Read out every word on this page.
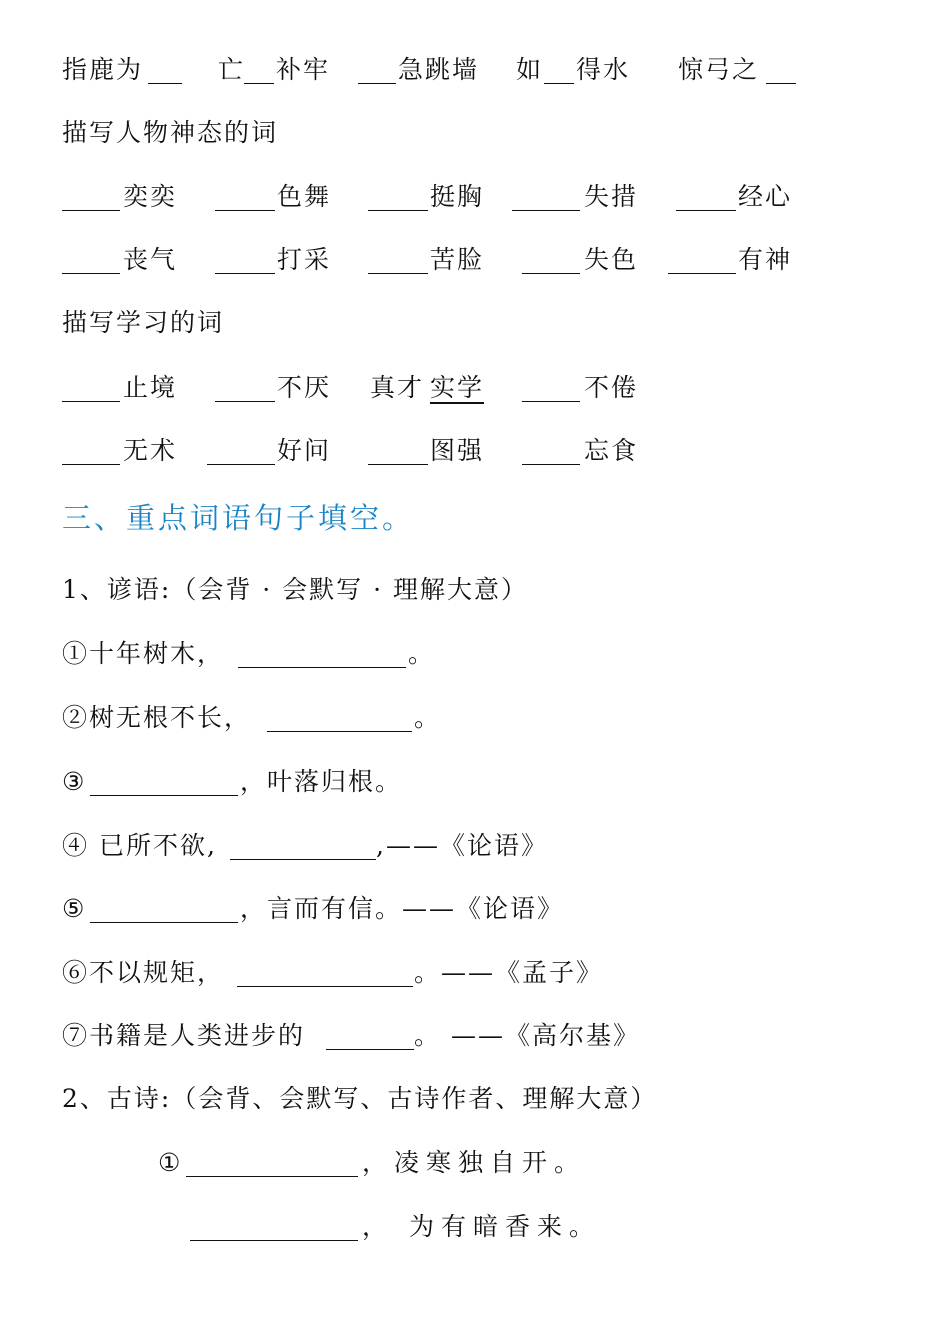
指鹿为	亡 补牢	急跳墙 如 得水 惊弓之
描写人物神态的词
奕奕	色舞	挺胸	失措	经心
丧气	打采	苦脸	失色	有神
描写学习的词
止境	不厌 真才 实学	不倦
无术	好问	图强	忘食
三、重点词语句子填空。
1、谚语:（会背 · 会默写 · 理解大意）
①十年树木，	。
②树无根不长，	。
③	，叶落归根。
④ 已所不欲,	,——《论语》
⑤	，言而有信。——《论语》
⑥不以规矩，	。——《孟子》
⑦书籍是人类进步的	。 ——《高尔基》
2、古诗:（会背、会默写、古诗作者、理解大意）
①	，凌寒独自开。
， 为有暗香来。
